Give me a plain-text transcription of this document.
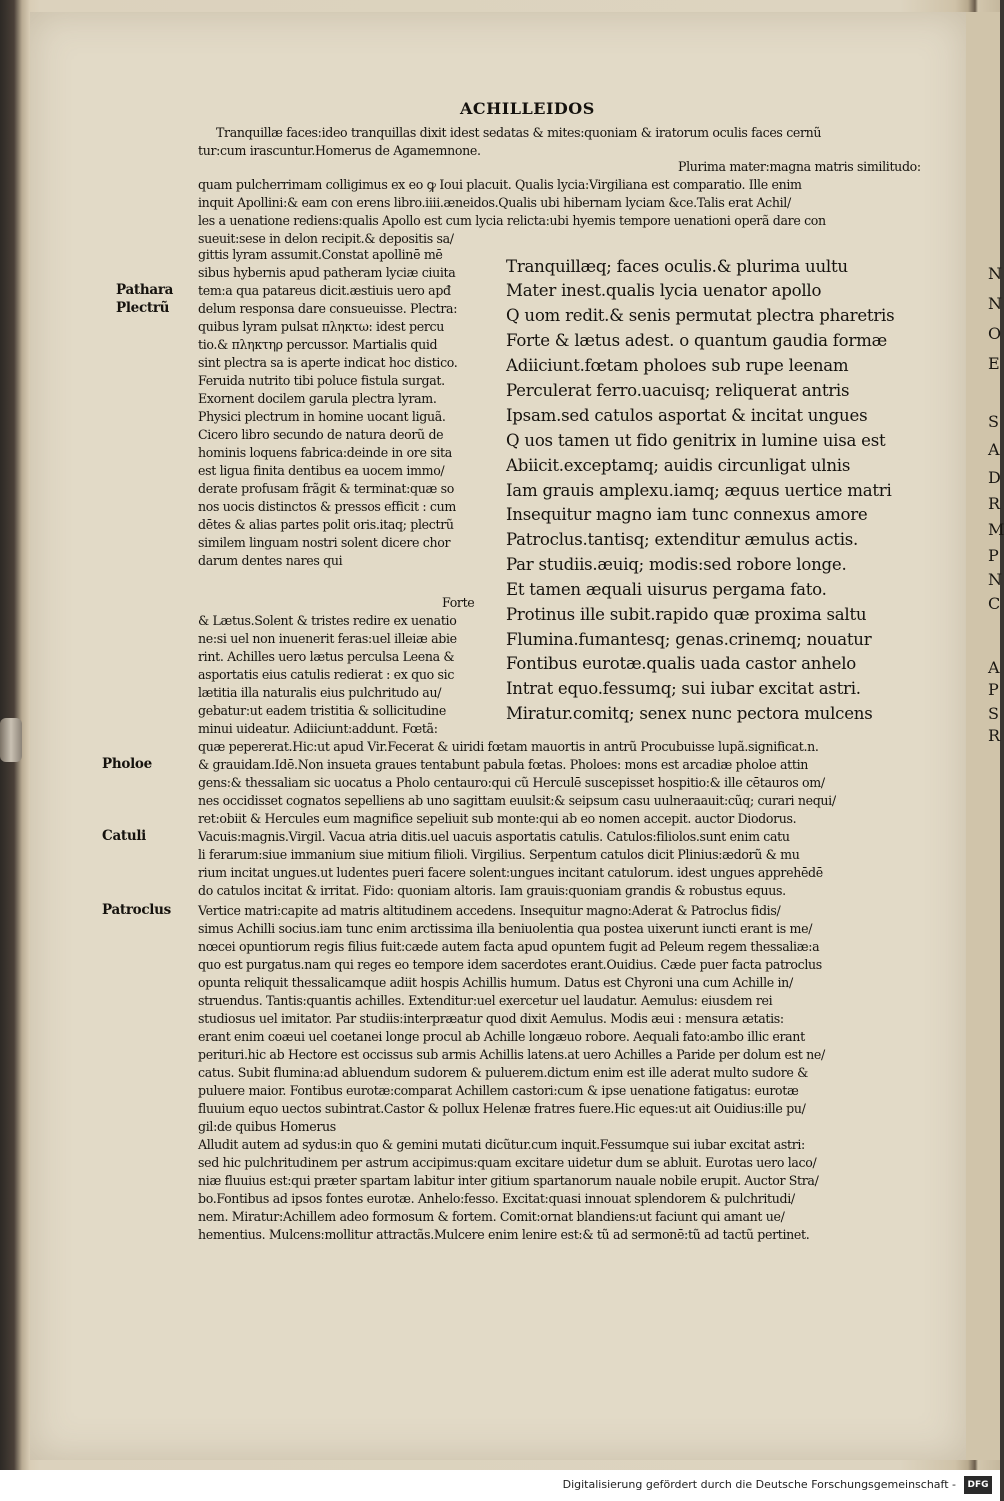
ACHILLEIDOS
Tranquillæ faces:ideo tranquillas dixit idest sedatas & mites:quoniam & iratorum oculis faces cernũ
tur:cum irascuntur.Homerus de Agamemnone.
Plurima mater:magna matris similitudo:
quam pulcherrimam colligimus ex eo ꝙ Ioui placuit. Qualis lycia:Virgiliana est comparatio. Ille enim
inquit Apollini:& eam con erens libro.iiii.æneidos.Qualis ubi hibernam lyciam &ce.Talis erat Achil/
les a uenatione rediens:qualis Apollo est cum lycia relicta:ubi hyemis tempore uenationi operã dare con
sueuit:sese in delon recipit.& depositis sa/
gittis lyram assumit.Constat apollinē mē
sibus hybernis apud patheram lyciæ ciuita
tem:a qua patareus dicit.æstiuis uero apđ
delum responsa dare consueuisse. Plectra:
quibus lyram pulsat πληκτω: idest percu
tio.& πληκτηρ percussor. Martialis quid
sint plectra sa is aperte indicat hoc distico.
Feruida nutrito tibi poluce fistula surgat.
Exornent docilem garula plectra lyram.
Physici plectrum in homine uocant liguã.
Cicero libro secundo de natura deorũ de
hominis loquens fabrica:deinde in ore sita
est ligua finita dentibus ea uocem immo/
derate profusam frãgit & terminat:quæ so
nos uocis distinctos & pressos efficit : cum
dētes & alias partes polit oris.itaq; plectrũ
similem linguam nostri solent dicere chor
darum dentes nares qui
Forte
& Lætus.Solent & tristes redire ex uenatio
ne:si uel non inuenerit feras:uel illeiæ abie
rint. Achilles uero lætus perculsa Leena &
asportatis eius catulis redierat : ex quo sic
lætitia illa naturalis eius pulchritudo au/
gebatur:ut eadem tristitia & sollicitudine
minui uideatur. Adiiciunt:addunt. Fœtã:
Tranquillæq; faces oculis.& plurima uultu
Mater inest.qualis lycia uenator apollo
Q uom redit.& senis permutat plectra pharetris
Forte & lætus adest. o quantum gaudia formæ
Adiiciunt.fœtam pholoes sub rupe leenam
Perculerat ferro.uacuisq; reliquerat antris
Ipsam.sed catulos asportat & incitat ungues
Q uos tamen ut fido genitrix in lumine uisa est
Abiicit.exceptamq; auidis circunligat ulnis
Iam grauis amplexu.iamq; æquus uertice matri
Insequitur magno iam tunc connexus amore
Patroclus.tantisq; extenditur æmulus actis.
Par studiis.æuiq; modis:sed robore longe.
Et tamen æquali uisurus pergama fato.
Protinus ille subit.rapido quæ proxima saltu
Flumina.fumantesq; genas.crinemq; nouatur
Fontibus eurotæ.qualis uada castor anhelo
Intrat equo.fessumq; sui iubar excitat astri.
Miratur.comitq; senex nunc pectora mulcens
quæ pepererat.Hic:ut apud Vir.Fecerat & uiridi fœtam mauortis in antrũ Procubuisse lupã.significat.n.
& grauidam.Idē.Non insueta graues tentabunt pabula fœtas. Pholoes: mons est arcadiæ pholoe attin
gens:& thessaliam sic uocatus a Pholo centauro:qui cũ Herculē suscepisset hospitio:& ille cētauros om/
nes occidisset cognatos sepelliens ab uno sagittam euulsit:& seipsum casu uulneraauit:cũq; curari nequi/
ret:obiit & Hercules eum magnifice sepeliuit sub monte:qui ab eo nomen accepit. auctor Diodorus.
Vacuis:magnis.Virgil. Vacua atria ditis.uel uacuis asportatis catulis. Catulos:filiolos.sunt enim catu
li ferarum:siue immanium siue mitium filioli. Virgilius. Serpentum catulos dicit Plinius:ædorũ & mu
rium incitat ungues.ut ludentes pueri facere solent:ungues incitant catulorum. idest ungues apprehēdē
do catulos incitat & irritat. Fido: quoniam altoris. Iam grauis:quoniam grandis & robustus equus.
Vertice matri:capite ad matris altitudinem accedens. Insequitur magno:Aderat & Patroclus fidis/
simus Achilli socius.iam tunc enim arctissima illa beniuolentia qua postea uixerunt iuncti erant is me/
nœcei opuntiorum regis filius fuit:cæde autem facta apud opuntem fugit ad Peleum regem thessaliæ:a
quo est purgatus.nam qui reges eo tempore idem sacerdotes erant.Ouidius. Cæde puer facta patroclus
opunta reliquit thessalicamque adiit hospis Achillis humum. Datus est Chyroni una cum Achille in/
struendus. Tantis:quantis achilles. Extenditur:uel exercetur uel laudatur. Aemulus: eiusdem rei
studiosus uel imitator. Par studiis:interpræatur quod dixit Aemulus. Modis æui : mensura ætatis:
erant enim coæui uel coetanei longe procul ab Achille longæuo robore. Aequali fato:ambo illic erant
perituri.hic ab Hectore est occissus sub armis Achillis latens.at uero Achilles a Paride per dolum est ne/
catus. Subit flumina:ad abluendum sudorem & puluerem.dictum enim est ille aderat multo sudore &
puluere maior. Fontibus eurotæ:comparat Achillem castori:cum & ipse uenatione fatigatus: eurotæ
fluuium equo uectos subintrat.Castor & pollux Helenæ fratres fuere.Hic eques:ut ait Ouidius:ille pu/
gil:de quibus Homerus
Alludit autem ad sydus:in quo & gemini mutati dicũtur.cum inquit.Fessumque sui iubar excitat astri:
sed hic pulchritudinem per astrum accipimus:quam excitare uidetur dum se abluit. Eurotas uero laco/
niæ fluuius est:qui præter spartam labitur inter gitium spartanorum nauale nobile erupit. Auctor Stra/
bo.Fontibus ad ipsos fontes eurotæ. Anhelo:fesso. Excitat:quasi innouat splendorem & pulchritudi/
nem. Miratur:Achillem adeo formosum & fortem. Comit:ornat blandiens:ut faciunt qui amant ue/
hementius. Mulcens:mollitur attractãs.Mulcere enim lenire est:& tũ ad sermonē:tũ ad tactũ pertinet.
Pathara
Plectrũ
Pholoe
Catuli
Patroclus
N
N
O
E
S
A
D
R
M
P
N
C
A
P
S
R
Digitalisierung gefördert durch die Deutsche Forschungsgemeinschaft -	DFG
